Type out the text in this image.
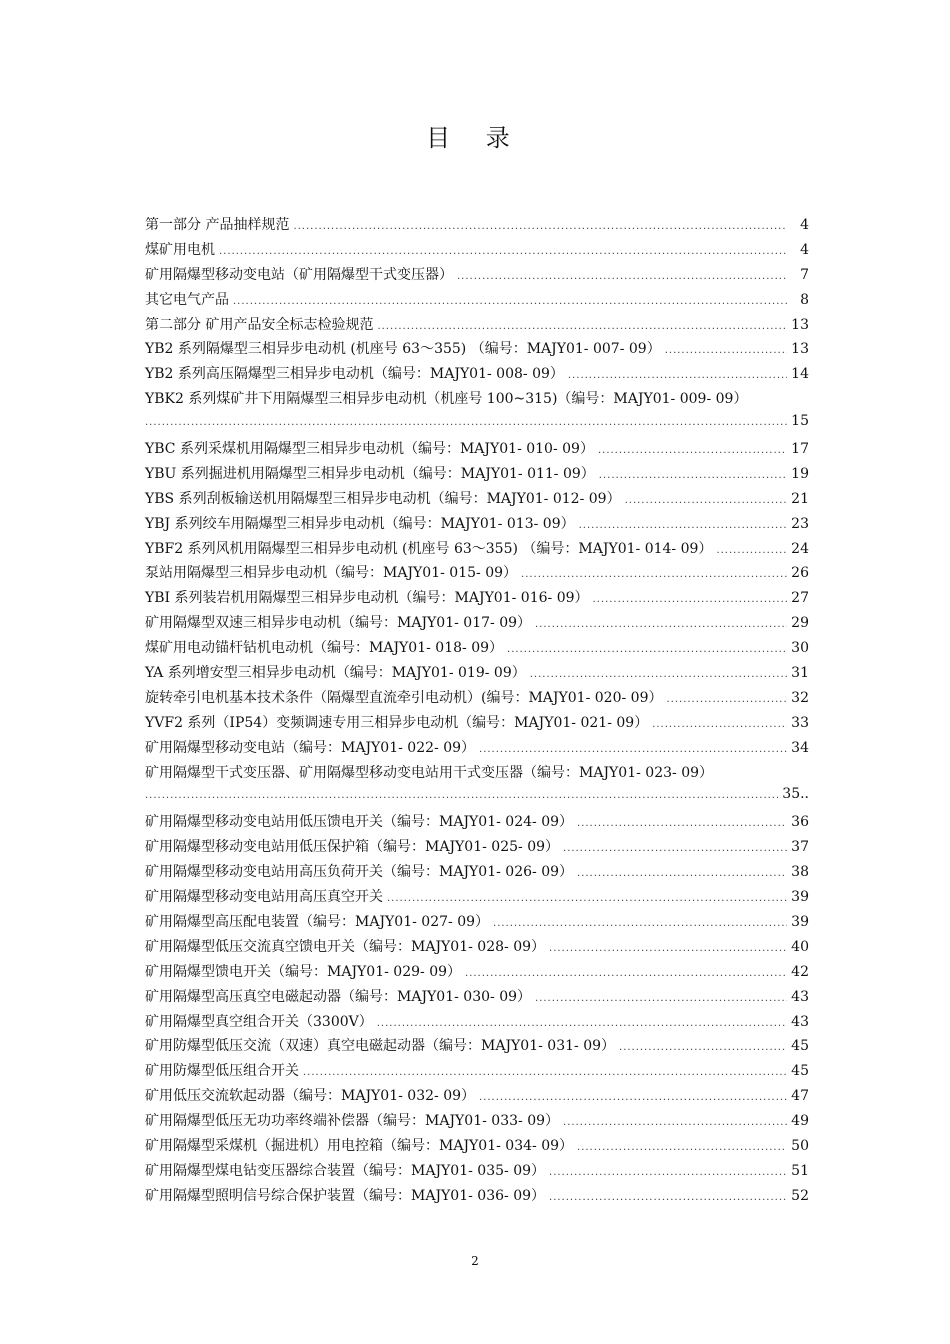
目 录
第一部分 产品抽样规范 .....	4
煤矿用电机 .....	4
矿用隔爆型移动变电站（矿用隔爆型干式变压器） .....	7
其它电气产品 .....	8
第二部分 矿用产品安全标志检验规范 .....	13
YB2 系列隔爆型三相异步电动机 (机座号 63～355) （编号：MAJY01- 007- 09） .....	13
YB2 系列高压隔爆型三相异步电动机（编号：MAJY01- 008- 09） .....	14
YBK2 系列煤矿井下用隔爆型三相异步电动机（机座号 100~315)（编号：MAJY01- 009- 09）
.....
15
YBC 系列采煤机用隔爆型三相异步电动机（编号：MAJY01- 010- 09） .....	17
YBU 系列掘进机用隔爆型三相异步电动机（编号：MAJY01- 011- 09） .....	19
YBS 系列刮板输送机用隔爆型三相异步电动机（编号：MAJY01- 012- 09） .....	21
YBJ 系列绞车用隔爆型三相异步电动机（编号：MAJY01- 013- 09） .....	23
YBF2 系列风机用隔爆型三相异步电动机 (机座号 63～355) （编号：MAJY01- 014- 09） .....	24
泵站用隔爆型三相异步电动机（编号：MAJY01- 015- 09） .....	26
YBI 系列装岩机用隔爆型三相异步电动机（编号：MAJY01- 016- 09） .....	27
矿用隔爆型双速三相异步电动机（编号：MAJY01- 017- 09） .....	29
煤矿用电动锚杆钻机电动机（编号：MAJY01- 018- 09） .....	30
YA 系列增安型三相异步电动机（编号：MAJY01- 019- 09） .....	31
旋转牵引电机基本技术条件（隔爆型直流牵引电动机）(编号：MAJY01- 020- 09） .....	32
YVF2 系列（IP54）变频调速专用三相异步电动机（编号：MAJY01- 021- 09） .....	33
矿用隔爆型移动变电站（编号：MAJY01- 022- 09） .....	34
矿用隔爆型干式变压器、矿用隔爆型移动变电站用干式变压器（编号：MAJY01- 023- 09）
.....
35..
矿用隔爆型移动变电站用低压馈电开关（编号：MAJY01- 024- 09） .....	36
矿用隔爆型移动变电站用低压保护箱（编号：MAJY01- 025- 09） .....	37
矿用隔爆型移动变电站用高压负荷开关（编号：MAJY01- 026- 09） .....	38
矿用隔爆型移动变电站用高压真空开关 .....	39
矿用隔爆型高压配电装置（编号：MAJY01- 027- 09） .....	39
矿用隔爆型低压交流真空馈电开关（编号：MAJY01- 028- 09） .....	40
矿用隔爆型馈电开关（编号：MAJY01- 029- 09） .....	42
矿用隔爆型高压真空电磁起动器（编号：MAJY01- 030- 09） .....	43
矿用隔爆型真空组合开关（3300V） .....	43
矿用防爆型低压交流（双速）真空电磁起动器（编号：MAJY01- 031- 09） .....	45
矿用防爆型低压组合开关 .....	45
矿用低压交流软起动器（编号：MAJY01- 032- 09） .....	47
矿用隔爆型低压无功功率终端补偿器（编号：MAJY01- 033- 09） .....	49
矿用隔爆型采煤机（掘进机）用电控箱（编号：MAJY01- 034- 09） .....	50
矿用隔爆型煤电钻变压器综合装置（编号：MAJY01- 035- 09） .....	51
矿用隔爆型照明信号综合保护装置（编号：MAJY01- 036- 09） .....	52
2
